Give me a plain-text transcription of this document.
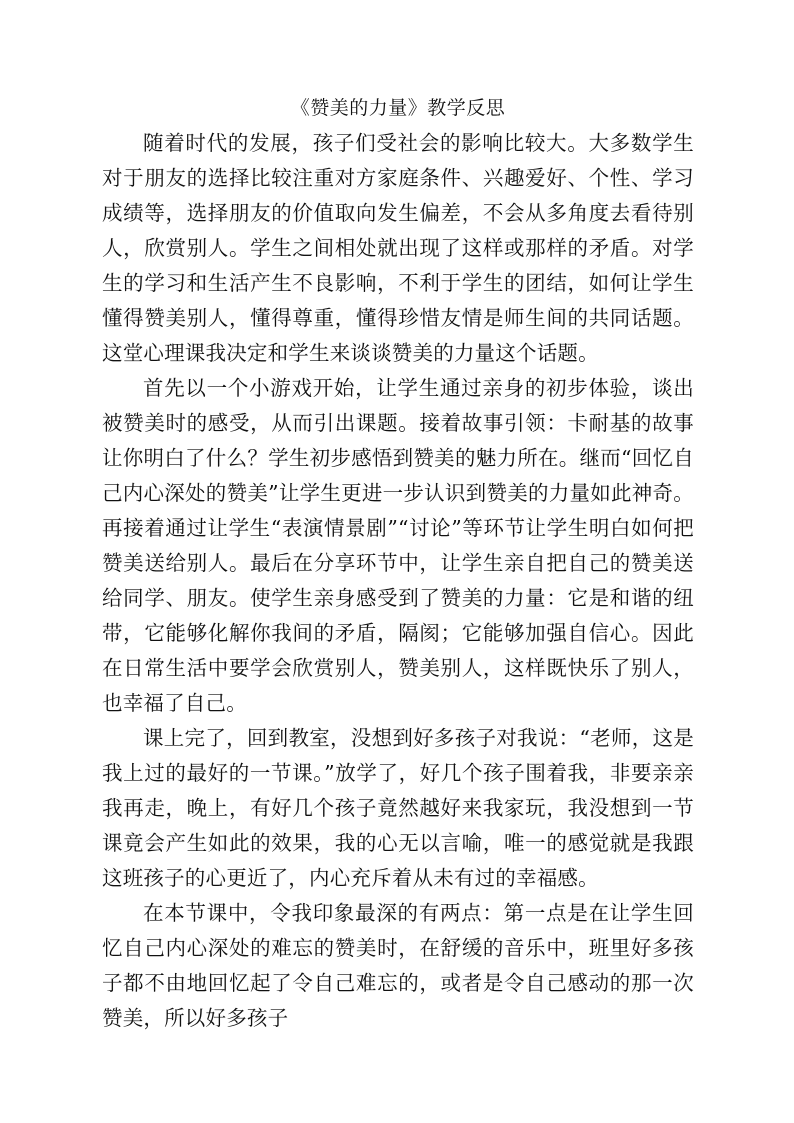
《赞美的力量》教学反思

随着时代的发展，孩子们受社会的影响比较大。大多数学生对于朋友的选择比较注重对方家庭条件、兴趣爱好、个性、学习成绩等，选择朋友的价值取向发生偏差，不会从多角度去看待别人，欣赏别人。学生之间相处就出现了这样或那样的矛盾。对学生的学习和生活产生不良影响，不利于学生的团结，如何让学生懂得赞美别人，懂得尊重，懂得珍惜友情是师生间的共同话题。这堂心理课我决定和学生来谈谈赞美的力量这个话题。

首先以一个小游戏开始，让学生通过亲身的初步体验，谈出被赞美时的感受，从而引出课题。接着故事引领：卡耐基的故事让你明白了什么？学生初步感悟到赞美的魅力所在。继而“回忆自己内心深处的赞美”让学生更进一步认识到赞美的力量如此神奇。再接着通过让学生“表演情景剧”“讨论”等环节让学生明白如何把赞美送给别人。最后在分享环节中，让学生亲自把自己的赞美送给同学、朋友。使学生亲身感受到了赞美的力量：它是和谐的纽带，它能够化解你我间的矛盾，隔阂；它能够加强自信心。因此在日常生活中要学会欣赏别人，赞美别人，这样既快乐了别人，也幸福了自己。

课上完了，回到教室，没想到好多孩子对我说：“老师，这是我上过的最好的一节课。”放学了，好几个孩子围着我，非要亲亲我再走，晚上，有好几个孩子竟然越好来我家玩，我没想到一节课竟会产生如此的效果，我的心无以言喻，唯一的感觉就是我跟这班孩子的心更近了，内心充斥着从未有过的幸福感。

在本节课中，令我印象最深的有两点：第一点是在让学生回忆自己内心深处的难忘的赞美时，在舒缓的音乐中，班里好多孩子都不由地回忆起了令自己难忘的，或者是令自己感动的那一次赞美，所以好多孩子
